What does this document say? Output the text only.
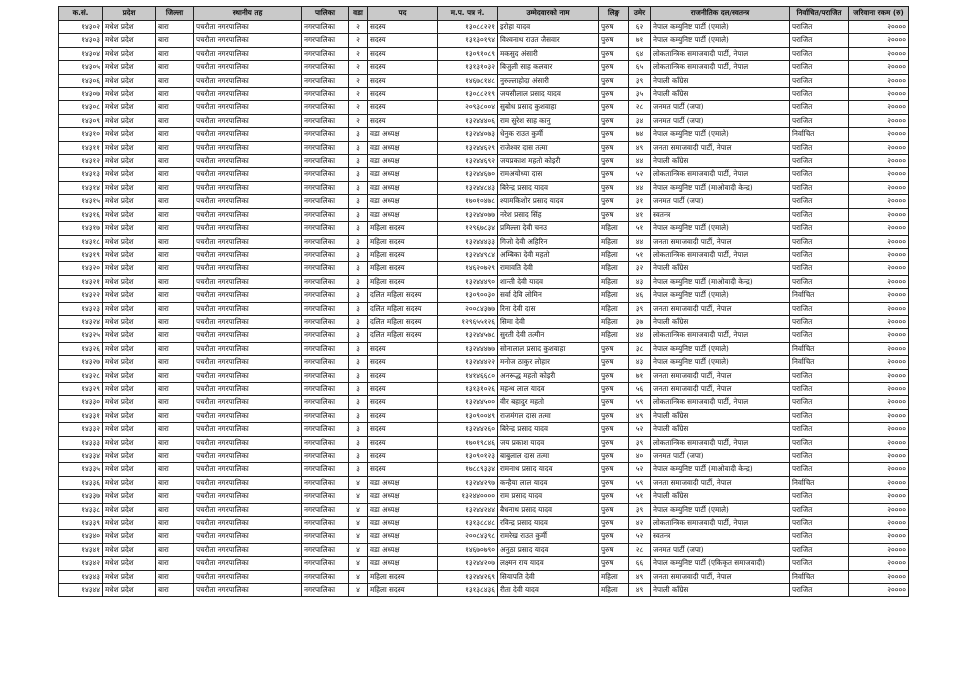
क.सं.	प्रदेश	जिल्ला	स्थानीय तह	पालिका	वडा	पद	म.प. पत्र नं.	उम्मेदवारको नाम	लिङ्ग	उमेर	राजनीतिक दल/स्वतन्त्र	निर्वाचित/पराजित	जरिवाना रकम (रु)
१४३०२	मधेश प्रदेश	बारा	पचरौता नगरपालिका	नगरपालिका	२	सदस्य	१३०८८२२१	इरोहा यादव	पुरुष	६२	नेपाल कम्युनिष्ट पार्टी (एमाले)	पराजित	२००००
१४३०३	मधेश प्रदेश	बारा	पचरौता नगरपालिका	नगरपालिका	२	सदस्य	१३१३०१९४	विश्वनाथ राउत जैसवार	पुरुष	७१	नेपाल कम्युनिष्ट पार्टी (एमाले)	पराजित	२००००
१४३०४	मधेश प्रदेश	बारा	पचरौता नगरपालिका	नगरपालिका	२	सदस्य	१३०९१०८९	मकसुद अंसारी	पुरुष	६४	लोकतान्त्रिक समाजवादी पार्टी, नेपाल	पराजित	२००००
१४३०५	मधेश प्रदेश	बारा	पचरौता नगरपालिका	नगरपालिका	२	सदस्य	१३१३१०३२	बिजुली साह कलवार	पुरुष	६५	लोकतान्त्रिक समाजवादी पार्टी, नेपाल	पराजित	२००००
१४३०६	मधेश प्रदेश	बारा	पचरौता नगरपालिका	नगरपालिका	२	सदस्य	१४६७८१४८	नुरुल्लाहोदा अंसारी	पुरुष	३९	नेपाली काँग्रेस	पराजित	२००००
१४३०७	मधेश प्रदेश	बारा	पचरौता नगरपालिका	नगरपालिका	२	सदस्य	१३०८८२१९	जयसीलाल प्रसाद यादव	पुरुष	३५	नेपाली काँग्रेस	पराजित	२००००
१४३०८	मधेश प्रदेश	बारा	पचरौता नगरपालिका	नगरपालिका	२	सदस्य	२०९३८००४	सुबोध प्रसाद कुशवाहा	पुरुष	२८	जनमत पार्टी (जपा)	पराजित	२००००
१४३०९	मधेश प्रदेश	बारा	पचरौता नगरपालिका	नगरपालिका	२	सदस्य	१३२४४४०६	राम सुरेश साह कानु	पुरुष	३४	जनमत पार्टी (जपा)	पराजित	२००००
१४३१०	मधेश प्रदेश	बारा	पचरौता नगरपालिका	नगरपालिका	३	वडा अध्यक्ष	१३२४४०७३	धेनुक राउत कुर्मी	पुरुष	७४	नेपाल कम्युनिष्ट पार्टी (एमाले)	निर्वाचित	२००००
१४३११	मधेश प्रदेश	बारा	पचरौता नगरपालिका	नगरपालिका	३	वडा अध्यक्ष	१३२४४६२९	राजेश्वर दास तत्मा	पुरुष	४९	जनता समाजवादी पार्टी, नेपाल	पराजित	२००००
१४३१२	मधेश प्रदेश	बारा	पचरौता नगरपालिका	नगरपालिका	३	वडा अध्यक्ष	१३२४४६९२	जयप्रकाश महतो कोइरी	पुरुष	४४	नेपाली काँग्रेस	पराजित	२००००
१४३१३	मधेश प्रदेश	बारा	पचरौता नगरपालिका	नगरपालिका	३	वडा अध्यक्ष	१३२४४६७०	रामअयोध्या दास	पुरुष	५२	लोकतान्त्रिक समाजवादी पार्टी, नेपाल	पराजित	२००००
१४३१४	मधेश प्रदेश	बारा	पचरौता नगरपालिका	नगरपालिका	३	वडा अध्यक्ष	१३२४४८४३	बिरेन्द्र प्रसाद यादव	पुरुष	४४	नेपाल कम्युनिष्ट पार्टी (माओवादी केन्द्र)	पराजित	२००००
१४३१५	मधेश प्रदेश	बारा	पचरौता नगरपालिका	नगरपालिका	३	वडा अध्यक्ष	१७०१०४७८	श्यामकिशोर प्रसाद यादव	पुरुष	३१	जनमत पार्टी (जपा)	पराजित	२००००
१४३१६	मधेश प्रदेश	बारा	पचरौता नगरपालिका	नगरपालिका	३	वडा अध्यक्ष	१३२४४०७७	नरेश प्रसाद सिंह	पुरुष	४१	स्वतन्त्र	पराजित	२००००
१४३१७	मधेश प्रदेश	बारा	पचरौता नगरपालिका	नगरपालिका	३	महिला सदस्य	१२९६७८३४	प्रमिल्ला देवी चनउ	महिला	५१	नेपाल कम्युनिष्ट पार्टी (एमाले)	पराजित	२००००
१४३१८	मधेश प्रदेश	बारा	पचरौता नगरपालिका	नगरपालिका	३	महिला सदस्य	१३२४४४३३	गिजो देवी अहिरिन	महिला	४४	जनता समाजवादी पार्टी, नेपाल	पराजित	२००००
१४३१९	मधेश प्रदेश	बारा	पचरौता नगरपालिका	नगरपालिका	३	महिला सदस्य	१३२४४९८४	अम्बिका देवी महतो	महिला	५१	लोकतान्त्रिक समाजवादी पार्टी, नेपाल	पराजित	२००००
१४३२०	मधेश प्रदेश	बारा	पचरौता नगरपालिका	नगरपालिका	३	महिला सदस्य	१४६२०७२९	रामावति देवी	महिला	३२	नेपाली काँग्रेस	पराजित	२००००
१४३२१	मधेश प्रदेश	बारा	पचरौता नगरपालिका	नगरपालिका	३	महिला सदस्य	१३२४४४९०	शान्ती देवी यादव	महिला	४३	नेपाल कम्युनिष्ट पार्टी (माओवादी केन्द्र)	पराजित	२००००
१४३२२	मधेश प्रदेश	बारा	पचरौता नगरपालिका	नगरपालिका	३	दलित महिला सदस्य	१३०९००३०	सर्वा देवि लोमिन	महिला	४६	नेपाल कम्युनिष्ट पार्टी (एमाले)	निर्वाचित	२००००
१४३२३	मधेश प्रदेश	बारा	पचरौता नगरपालिका	नगरपालिका	३	दलित महिला सदस्य	२००८४३७७	रिना देवी दास	महिला	३९	जनता समाजवादी पार्टी, नेपाल	पराजित	२००००
१४३२४	मधेश प्रदेश	बारा	पचरौता नगरपालिका	नगरपालिका	३	दलित महिला सदस्य	१२९६५५१२६	सिमा देवी	महिला	३७	नेपाली काँग्रेस	पराजित	२००००
१४३२५	मधेश प्रदेश	बारा	पचरौता नगरपालिका	नगरपालिका	३	दलित महिला सदस्य	१३२४४५७८	सुरती देवी तत्मीन	महिला	४४	लोकतान्त्रिक समाजवादी पार्टी, नेपाल	पराजित	२००००
१४३२६	मधेश प्रदेश	बारा	पचरौता नगरपालिका	नगरपालिका	३	सदस्य	१३२४४४७७	सोनालाल प्रसाद कुशवाहा	पुरुष	३८	नेपाल कम्युनिष्ट पार्टी (एमाले)	निर्वाचित	२००००
१४३२७	मधेश प्रदेश	बारा	पचरौता नगरपालिका	नगरपालिका	३	सदस्य	१३२४४४२२	मनोज ठाकुर लोहार	पुरुष	४३	नेपाल कम्युनिष्ट पार्टी (एमाले)	निर्वाचित	२००००
१४३२८	मधेश प्रदेश	बारा	पचरौता नगरपालिका	नगरपालिका	३	सदस्य	१४१४६६८०	अनरूद्ध महतो कोइरी	पुरुष	७१	जनता समाजवादी पार्टी, नेपाल	पराजित	२००००
१४३२९	मधेश प्रदेश	बारा	पचरौता नगरपालिका	नगरपालिका	३	सदस्य	१३१३१०२६	महन्थ लाल यादव	पुरुष	५६	जनता समाजवादी पार्टी, नेपाल	पराजित	२००००
१४३३०	मधेश प्रदेश	बारा	पचरौता नगरपालिका	नगरपालिका	३	सदस्य	१३२४४५००	वीर बहादुर महतो	पुरुष	५९	लोकतान्त्रिक समाजवादी पार्टी, नेपाल	पराजित	२००००
१४३३१	मधेश प्रदेश	बारा	पचरौता नगरपालिका	नगरपालिका	३	सदस्य	१३०९००४९	राजमंगल दास तत्मा	पुरुष	४९	नेपाली काँग्रेस	पराजित	२००००
१४३३२	मधेश प्रदेश	बारा	पचरौता नगरपालिका	नगरपालिका	३	सदस्य	१३२४४२६०	बिरेन्द्र प्रसाद यादव	पुरुष	५२	नेपाली काँग्रेस	पराजित	२००००
१४३३३	मधेश प्रदेश	बारा	पचरौता नगरपालिका	नगरपालिका	३	सदस्य	१७०१९८४६	जय प्रकाश यादव	पुरुष	३९	लोकतान्त्रिक समाजवादी पार्टी, नेपाल	पराजित	२००००
१४३३४	मधेश प्रदेश	बारा	पचरौता नगरपालिका	नगरपालिका	३	सदस्य	१३०९०१२३	बाबुलाल दास तत्मा	पुरुष	४०	जनमत पार्टी (जपा)	पराजित	२००००
१४३३५	मधेश प्रदेश	बारा	पचरौता नगरपालिका	नगरपालिका	३	सदस्य	१७८८९३३४	रामनाथ प्रसाद यादव	पुरुष	५२	नेपाल कम्युनिष्ट पार्टी (माओवादी केन्द्र)	पराजित	२००००
१४३३६	मधेश प्रदेश	बारा	पचरौता नगरपालिका	नगरपालिका	४	वडा अध्यक्ष	१३२४४२९७	कन्हैया लाल यादव	पुरुष	५९	जनता समाजवादी पार्टी, नेपाल	निर्वाचित	२००००
१४३३७	मधेश प्रदेश	बारा	पचरौता नगरपालिका	नगरपालिका	४	वडा अध्यक्ष	१३२४४००००	राम प्रसाद यादव	पुरुष	५१	नेपाली काँग्रेस	पराजित	२००००
१४३३८	मधेश प्रदेश	बारा	पचरौता नगरपालिका	नगरपालिका	४	वडा अध्यक्ष	१३२४४२४४	बैधनाथ प्रसाद यादव	पुरुष	३९	नेपाल कम्युनिष्ट पार्टी (एमाले)	पराजित	२००००
१४३३९	मधेश प्रदेश	बारा	पचरौता नगरपालिका	नगरपालिका	४	वडा अध्यक्ष	१३१३८८४८	रविन्द्र प्रसाद यादव	पुरुष	४२	लोकतान्त्रिक समाजवादी पार्टी, नेपाल	पराजित	२००००
१४३४०	मधेश प्रदेश	बारा	पचरौता नगरपालिका	नगरपालिका	४	वडा अध्यक्ष	२००८४३९८	रामरेख राउत कुर्मी	पुरुष	५२	स्वतन्त्र	पराजित	२००००
१४३४१	मधेश प्रदेश	बारा	पचरौता नगरपालिका	नगरपालिका	४	वडा अध्यक्ष	१४६७०७९०	अनुठा प्रसाद यादव	पुरुष	२८	जनमत पार्टी (जपा)	पराजित	२००००
१४३४२	मधेश प्रदेश	बारा	पचरौता नगरपालिका	नगरपालिका	४	वडा अध्यक्ष	१३२४४२०७	लक्ष्मन राय यादव	पुरुष	६६	नेपाल कम्युनिष्ट पार्टी (एकिकृत समाजवादी)	पराजित	२००००
१४३४३	मधेश प्रदेश	बारा	पचरौता नगरपालिका	नगरपालिका	४	महिला सदस्य	१३२४४२६९	सियापति देवी	महिला	४९	जनता समाजवादी पार्टी, नेपाल	निर्वाचित	२००००
१४३४४	मधेश प्रदेश	बारा	पचरौता नगरपालिका	नगरपालिका	४	महिला सदस्य	१३१३८४३६	रीता देवी यादव	महिला	४९	नेपाली काँग्रेस	पराजित	२००००
